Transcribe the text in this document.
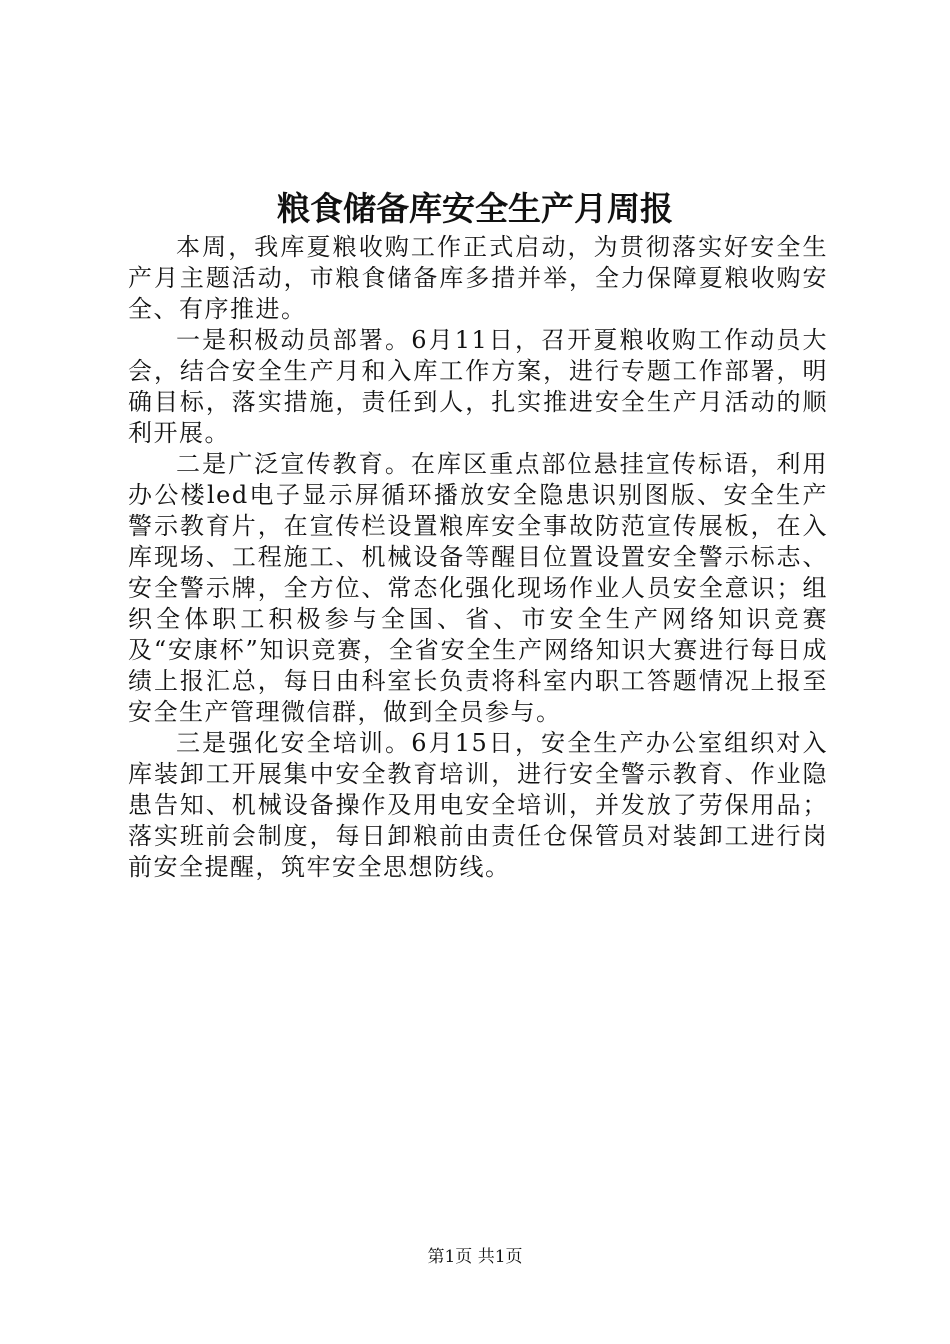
粮食储备库安全生产月周报

本周，我库夏粮收购工作正式启动，为贯彻落实好安全生产月主题活动，市粮食储备库多措并举，全力保障夏粮收购安全、有序推进。

一是积极动员部署。6月11日，召开夏粮收购工作动员大会，结合安全生产月和入库工作方案，进行专题工作部署，明确目标，落实措施，责任到人，扎实推进安全生产月活动的顺利开展。

二是广泛宣传教育。在库区重点部位悬挂宣传标语，利用办公楼led电子显示屏循环播放安全隐患识别图版、安全生产警示教育片，在宣传栏设置粮库安全事故防范宣传展板，在入库现场、工程施工、机械设备等醒目位置设置安全警示标志、安全警示牌，全方位、常态化强化现场作业人员安全意识；组织全体职工积极参与全国、省、市安全生产网络知识竞赛及“安康杯”知识竞赛，全省安全生产网络知识大赛进行每日成绩上报汇总，每日由科室长负责将科室内职工答题情况上报至安全生产管理微信群，做到全员参与。

三是强化安全培训。6月15日，安全生产办公室组织对入库装卸工开展集中安全教育培训，进行安全警示教育、作业隐患告知、机械设备操作及用电安全培训，并发放了劳保用品；落实班前会制度，每日卸粮前由责任仓保管员对装卸工进行岗前安全提醒，筑牢安全思想防线。

第1页 共1页
